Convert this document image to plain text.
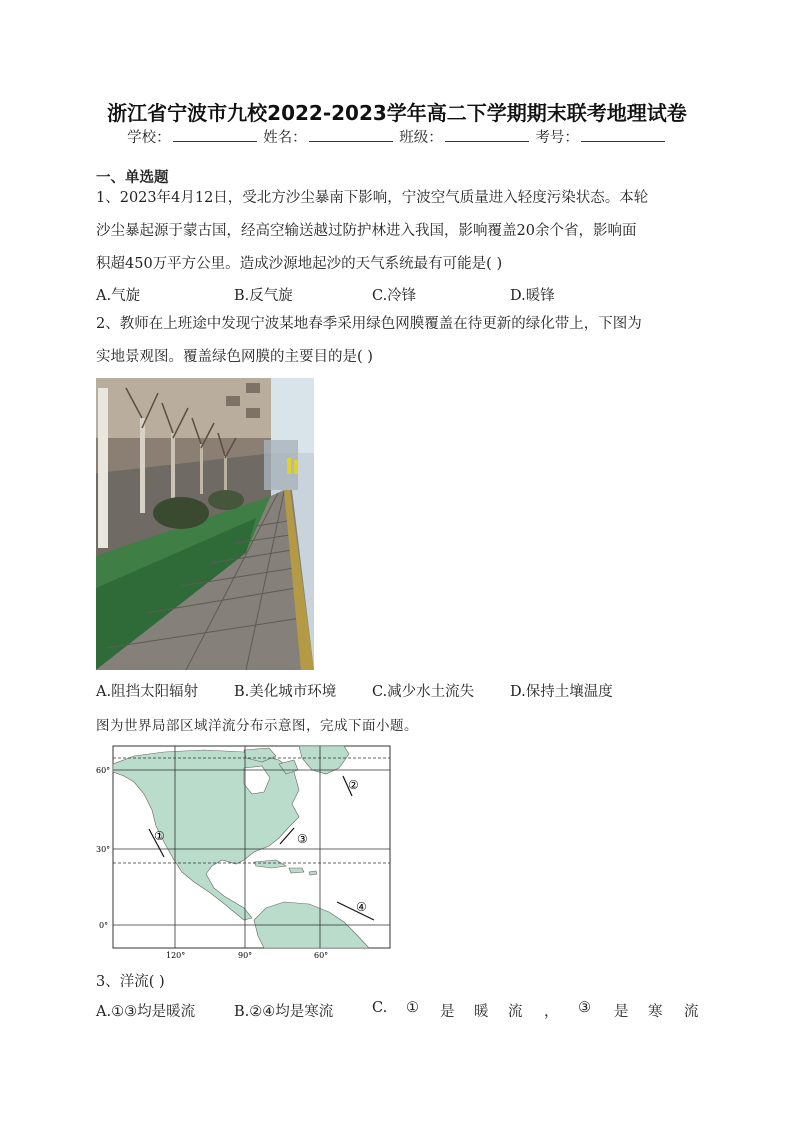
浙江省宁波市九校2022-2023学年高二下学期期末联考地理试卷
学校：	姓名：	班级：	考号：
一、单选题
1、2023年4月12日，受北方沙尘暴南下影响，宁波空气质量进入轻度污染状态。本轮
沙尘暴起源于蒙古国，经高空输送越过防护林进入我国，影响覆盖20余个省，影响面
积超450万平方公里。造成沙源地起沙的天气系统最有可能是( )
A.气旋	B.反气旋	C.冷锋	D.暖锋
2、教师在上班途中发现宁波某地春季采用绿色网膜覆盖在待更新的绿化带上，下图为
实地景观图。覆盖绿色网膜的主要目的是( )
A.阻挡太阳辐射 B.美化城市环境 C.减少水土流失 D.保持土壤温度
图为世界局部区域洋流分布示意图，完成下面小题。
60°
30°
0°
120°	90°	60°
①
②
③
④
3、洋流( )
A.①③均是暖流	B.②④均是寒流	C. ① 是 暖 流 ， ③ 是 寒 流
